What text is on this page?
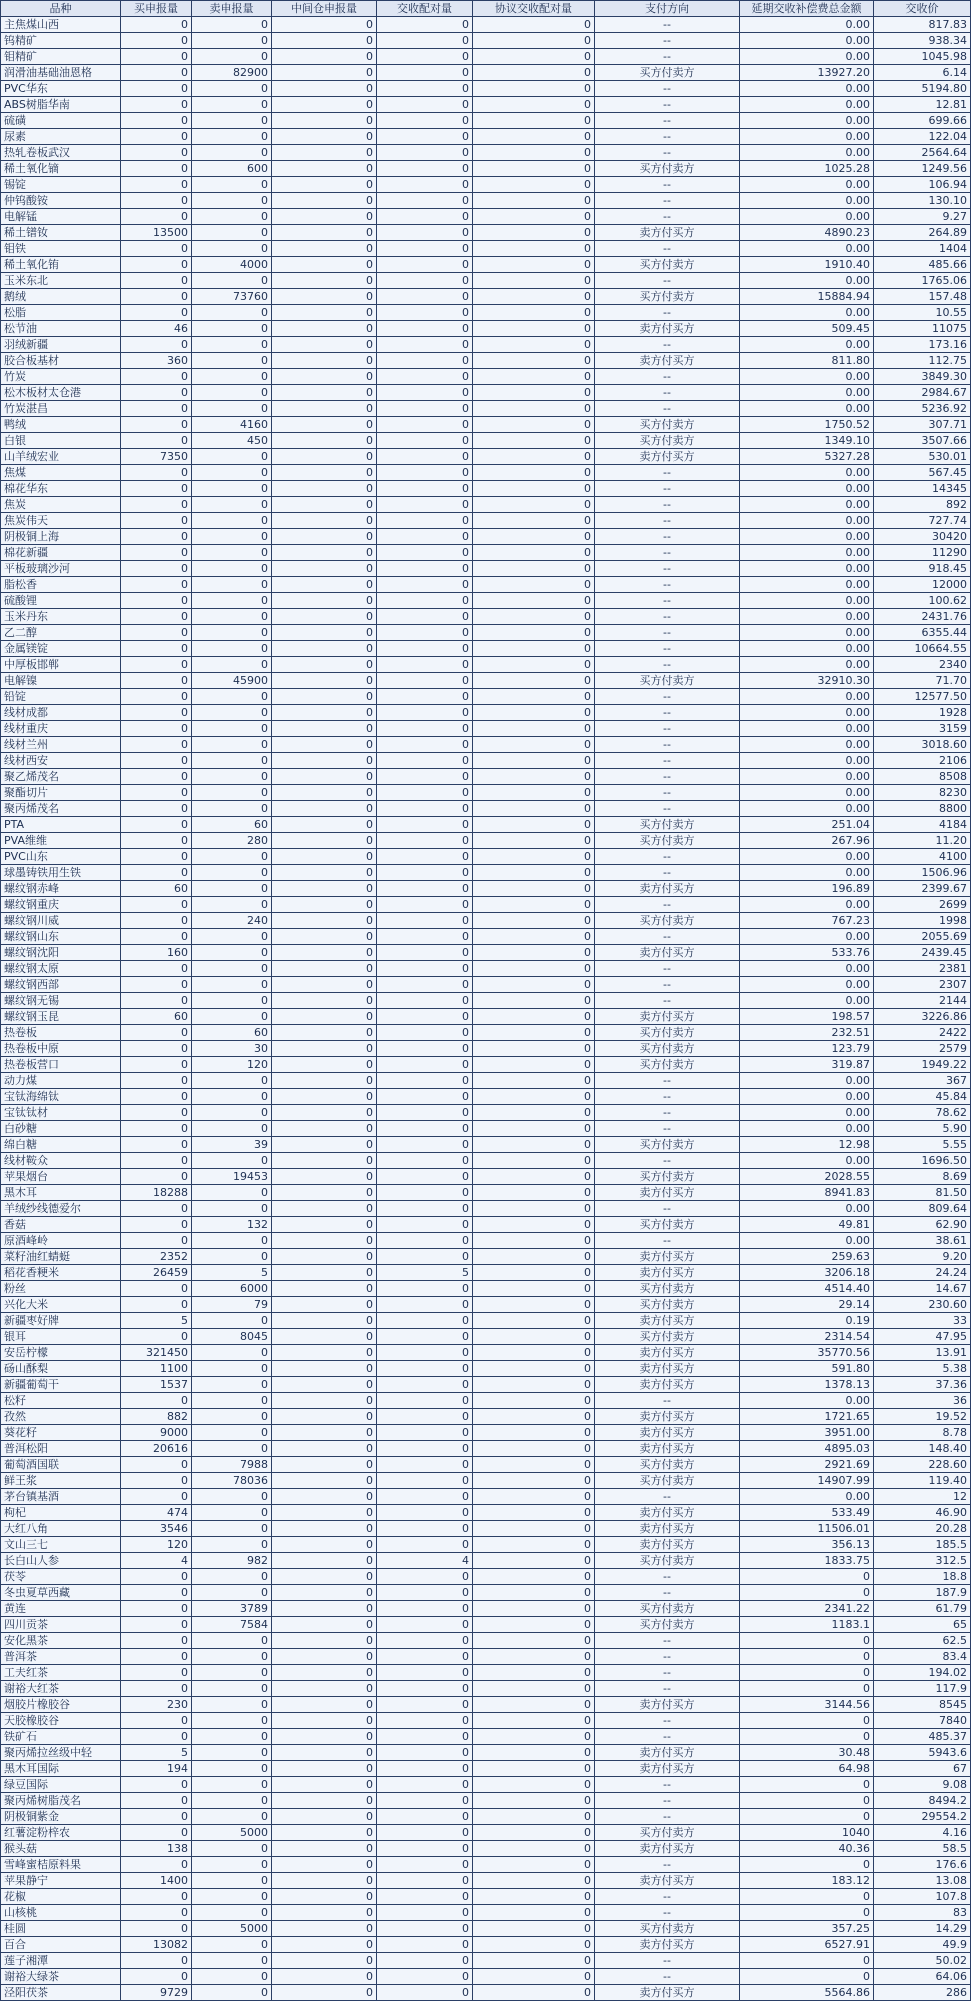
品种	买申报量	卖申报量	中间仓申报量	交收配对量	协议交收配对量	支付方向	延期交收补偿费总金额	交收价
主焦煤山西	0	0	0	0	0	--	0.00	817.83
钨精矿	0	0	0	0	0	--	0.00	938.34
钼精矿	0	0	0	0	0	--	0.00	1045.98
润滑油基础油恩格	0	82900	0	0	0	买方付卖方	13927.20	6.14
PVC华东	0	0	0	0	0	--	0.00	5194.80
ABS树脂华南	0	0	0	0	0	--	0.00	12.81
硫磺	0	0	0	0	0	--	0.00	699.66
尿素	0	0	0	0	0	--	0.00	122.04
热轧卷板武汉	0	0	0	0	0	--	0.00	2564.64
稀土氧化镝	0	600	0	0	0	买方付卖方	1025.28	1249.56
锡锭	0	0	0	0	0	--	0.00	106.94
仲钨酸铵	0	0	0	0	0	--	0.00	130.10
电解锰	0	0	0	0	0	--	0.00	9.27
稀土镨钕	13500	0	0	0	0	卖方付买方	4890.23	264.89
钼铁	0	0	0	0	0	--	0.00	1404
稀土氧化铕	0	4000	0	0	0	买方付卖方	1910.40	485.66
玉米东北	0	0	0	0	0	--	0.00	1765.06
鹅绒	0	73760	0	0	0	买方付卖方	15884.94	157.48
松脂	0	0	0	0	0	--	0.00	10.55
松节油	46	0	0	0	0	卖方付买方	509.45	11075
羽绒新疆	0	0	0	0	0	--	0.00	173.16
胶合板基材	360	0	0	0	0	卖方付买方	811.80	112.75
竹炭	0	0	0	0	0	--	0.00	3849.30
松木板材太仓港	0	0	0	0	0	--	0.00	2984.67
竹炭湛昌	0	0	0	0	0	--	0.00	5236.92
鸭绒	0	4160	0	0	0	买方付卖方	1750.52	307.71
白银	0	450	0	0	0	买方付卖方	1349.10	3507.66
山羊绒宏业	7350	0	0	0	0	卖方付买方	5327.28	530.01
焦煤	0	0	0	0	0	--	0.00	567.45
棉花华东	0	0	0	0	0	--	0.00	14345
焦炭	0	0	0	0	0	--	0.00	892
焦炭伟天	0	0	0	0	0	--	0.00	727.74
阴极铜上海	0	0	0	0	0	--	0.00	30420
棉花新疆	0	0	0	0	0	--	0.00	11290
平板玻璃沙河	0	0	0	0	0	--	0.00	918.45
脂松香	0	0	0	0	0	--	0.00	12000
硫酸锂	0	0	0	0	0	--	0.00	100.62
玉米丹东	0	0	0	0	0	--	0.00	2431.76
乙二醇	0	0	0	0	0	--	0.00	6355.44
金属镁锭	0	0	0	0	0	--	0.00	10664.55
中厚板邯郸	0	0	0	0	0	--	0.00	2340
电解镍	0	45900	0	0	0	买方付卖方	32910.30	71.70
铅锭	0	0	0	0	0	--	0.00	12577.50
线材成都	0	0	0	0	0	--	0.00	1928
线材重庆	0	0	0	0	0	--	0.00	3159
线材兰州	0	0	0	0	0	--	0.00	3018.60
线材西安	0	0	0	0	0	--	0.00	2106
聚乙烯茂名	0	0	0	0	0	--	0.00	8508
聚酯切片	0	0	0	0	0	--	0.00	8230
聚丙烯茂名	0	0	0	0	0	--	0.00	8800
PTA	0	60	0	0	0	买方付卖方	251.04	4184
PVA维维	0	280	0	0	0	买方付卖方	267.96	11.20
PVC山东	0	0	0	0	0	--	0.00	4100
球墨铸铁用生铁	0	0	0	0	0	--	0.00	1506.96
螺纹钢赤峰	60	0	0	0	0	卖方付买方	196.89	2399.67
螺纹钢重庆	0	0	0	0	0	--	0.00	2699
螺纹钢川威	0	240	0	0	0	买方付卖方	767.23	1998
螺纹钢山东	0	0	0	0	0	--	0.00	2055.69
螺纹钢沈阳	160	0	0	0	0	卖方付买方	533.76	2439.45
螺纹钢太原	0	0	0	0	0	--	0.00	2381
螺纹钢西部	0	0	0	0	0	--	0.00	2307
螺纹钢无锡	0	0	0	0	0	--	0.00	2144
螺纹钢玉昆	60	0	0	0	0	卖方付买方	198.57	3226.86
热卷板	0	60	0	0	0	买方付卖方	232.51	2422
热卷板中原	0	30	0	0	0	买方付卖方	123.79	2579
热卷板营口	0	120	0	0	0	买方付卖方	319.87	1949.22
动力煤	0	0	0	0	0	--	0.00	367
宝钛海绵钛	0	0	0	0	0	--	0.00	45.84
宝钛钛材	0	0	0	0	0	--	0.00	78.62
白砂糖	0	0	0	0	0	--	0.00	5.90
绵白糖	0	39	0	0	0	买方付卖方	12.98	5.55
线材鞍众	0	0	0	0	0	--	0.00	1696.50
苹果烟台	0	19453	0	0	0	买方付卖方	2028.55	8.69
黑木耳	18288	0	0	0	0	卖方付买方	8941.83	81.50
羊绒纱线德爱尔	0	0	0	0	0	--	0.00	809.64
香菇	0	132	0	0	0	买方付卖方	49.81	62.90
原酒峰岭	0	0	0	0	0	--	0.00	38.61
菜籽油红蜻蜓	2352	0	0	0	0	卖方付买方	259.63	9.20
稻花香粳米	26459	5	0	5	0	卖方付买方	3206.18	24.24
粉丝	0	6000	0	0	0	买方付卖方	4514.40	14.67
兴化大米	0	79	0	0	0	买方付卖方	29.14	230.60
新疆枣好牌	5	0	0	0	0	卖方付买方	0.19	33
银耳	0	8045	0	0	0	买方付卖方	2314.54	47.95
安岳柠檬	321450	0	0	0	0	卖方付买方	35770.56	13.91
砀山酥梨	1100	0	0	0	0	卖方付买方	591.80	5.38
新疆葡萄干	1537	0	0	0	0	卖方付买方	1378.13	37.36
松籽	0	0	0	0	0	--	0.00	36
孜然	882	0	0	0	0	卖方付买方	1721.65	19.52
葵花籽	9000	0	0	0	0	卖方付买方	3951.00	8.78
普洱松阳	20616	0	0	0	0	卖方付买方	4895.03	148.40
葡萄酒国联	0	7988	0	0	0	买方付卖方	2921.69	228.60
鲜王浆	0	78036	0	0	0	买方付卖方	14907.99	119.40
茅台镇基酒	0	0	0	0	0	--	0.00	12
枸杞	474	0	0	0	0	卖方付买方	533.49	46.90
大红八角	3546	0	0	0	0	卖方付买方	11506.01	20.28
文山三七	120	0	0	0	0	卖方付买方	356.13	185.5
长白山人参	4	982	0	4	0	买方付卖方	1833.75	312.5
茯苓	0	0	0	0	0	--	0	18.8
冬虫夏草西藏	0	0	0	0	0	--	0	187.9
黄连	0	3789	0	0	0	买方付卖方	2341.22	61.79
四川贡茶	0	7584	0	0	0	买方付卖方	1183.1	65
安化黑茶	0	0	0	0	0	--	0	62.5
普洱茶	0	0	0	0	0	--	0	83.4
工夫红茶	0	0	0	0	0	--	0	194.02
谢裕大红茶	0	0	0	0	0	--	0	117.9
烟胶片橡胶谷	230	0	0	0	0	卖方付买方	3144.56	8545
天胶橡胶谷	0	0	0	0	0	--	0	7840
铁矿石	0	0	0	0	0	--	0	485.37
聚丙烯拉丝级中轻	5	0	0	0	0	卖方付买方	30.48	5943.6
黑木耳国际	194	0	0	0	0	卖方付买方	64.98	67
绿豆国际	0	0	0	0	0	--	0	9.08
聚丙烯树脂茂名	0	0	0	0	0	--	0	8494.2
阴极铜紫金	0	0	0	0	0	--	0	29554.2
红薯淀粉梓农	0	5000	0	0	0	买方付卖方	1040	4.16
猴头菇	138	0	0	0	0	卖方付买方	40.36	58.5
雪峰蜜桔原料果	0	0	0	0	0	--	0	176.6
苹果静宁	1400	0	0	0	0	卖方付买方	183.12	13.08
花椒	0	0	0	0	0	--	0	107.8
山核桃	0	0	0	0	0	--	0	83
桂圆	0	5000	0	0	0	买方付卖方	357.25	14.29
百合	13082	0	0	0	0	卖方付买方	6527.91	49.9
莲子湘潭	0	0	0	0	0	--	0	50.02
谢裕大绿茶	0	0	0	0	0	--	0	64.06
泾阳茯茶	9729	0	0	0	0	卖方付买方	5564.86	286
